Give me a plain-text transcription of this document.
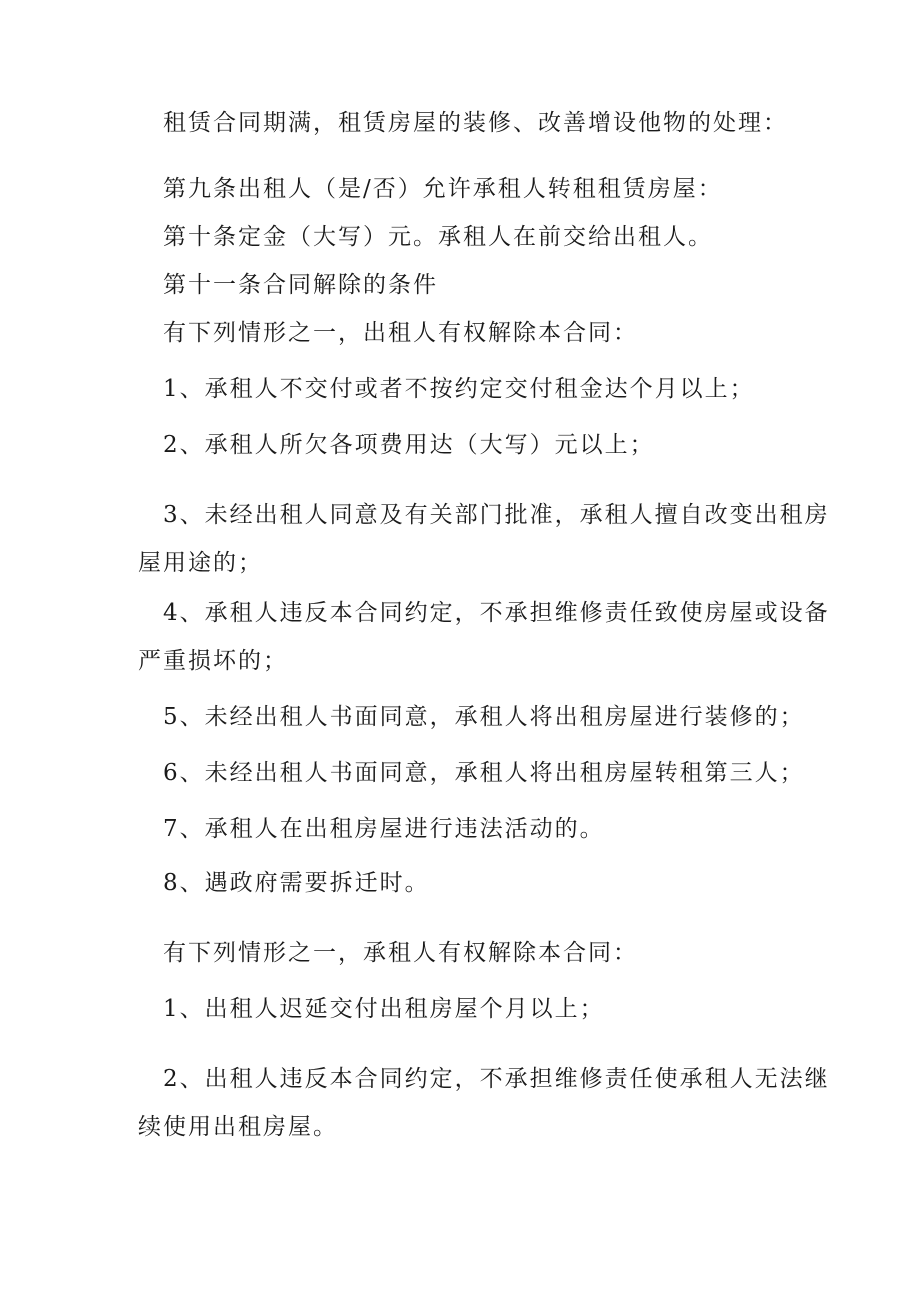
租赁合同期满，租赁房屋的装修、改善增设他物的处理：
第九条出租人（是/否）允许承租人转租租赁房屋：
第十条定金（大写）元。承租人在前交给出租人。
第十一条合同解除的条件
有下列情形之一，出租人有权解除本合同：
1、承租人不交付或者不按约定交付租金达个月以上；
2、承租人所欠各项费用达（大写）元以上；
3、未经出租人同意及有关部门批准，承租人擅自改变出租房
屋用途的；
4、承租人违反本合同约定，不承担维修责任致使房屋或设备
严重损坏的；
5、未经出租人书面同意，承租人将出租房屋进行装修的；
6、未经出租人书面同意，承租人将出租房屋转租第三人；
7、承租人在出租房屋进行违法活动的。
8、遇政府需要拆迁时。
有下列情形之一，承租人有权解除本合同：
1、出租人迟延交付出租房屋个月以上；
2、出租人违反本合同约定，不承担维修责任使承租人无法继
续使用出租房屋。
